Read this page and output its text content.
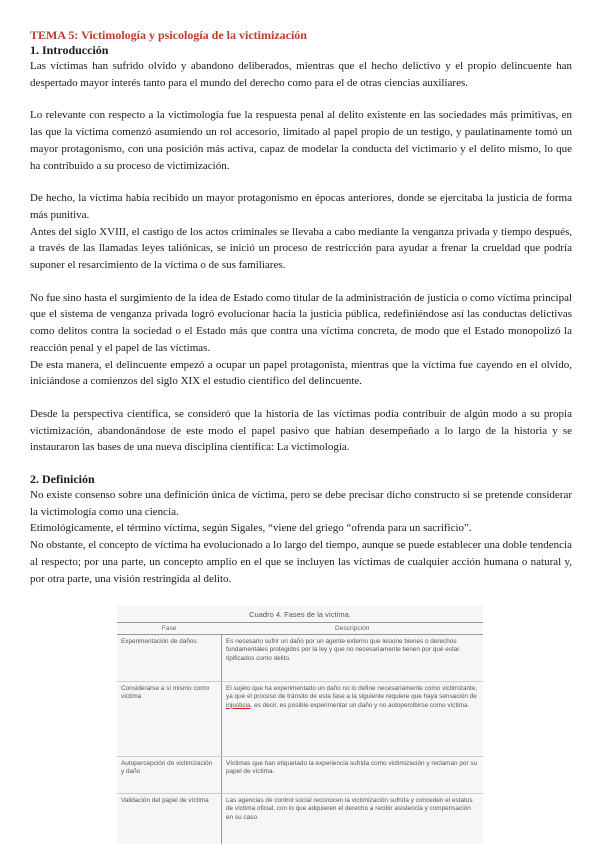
TEMA 5: Victimología y psicología de la victimización
1. Introducción

Las víctimas han sufrido olvido y abandono deliberados, mientras que el hecho delictivo y el propio delincuente han despertado mayor interés tanto para el mundo del derecho como para el de otras ciencias auxiliares.

Lo relevante con respecto a la victimología fue la respuesta penal al delito existente en las sociedades más primitivas, en las que la víctima comenzó asumiendo un rol accesorio, limitado al papel propio de un testigo, y paulatinamente tomó un mayor protagonismo, con una posición más activa, capaz de modelar la conducta del victimario y el delito mismo, lo que ha contribuido a su proceso de victimización.

De hecho, la víctima había recibido un mayor protagonismo en épocas anteriores, donde se ejercitaba la justicia de forma más punitiva.

Antes del siglo XVIII, el castigo de los actos criminales se llevaba a cabo mediante la venganza privada y tiempo después, a través de las llamadas leyes taliónicas, se inició un proceso de restricción para ayudar a frenar la crueldad que podría suponer el resarcimiento de la víctima o de sus familiares.

No fue sino hasta el surgimiento de la idea de Estado como titular de la administración de justicia o como víctima principal que el sistema de venganza privada logró evolucionar hacia la justicia pública, redefiniéndose así las conductas delictivas como delitos contra la sociedad o el Estado más que contra una víctima concreta, de modo que el Estado monopolizó la reacción penal y el papel de las víctimas.

De esta manera, el delincuente empezó a ocupar un papel protagonista, mientras que la víctima fue cayendo en el olvido, iniciándose a comienzos del siglo XIX el estudio científico del delincuente.

Desde la perspectiva científica, se consideró que la historia de las víctimas podía contribuir de algún modo a su propia victimización, abandonándose de este modo el papel pasivo que habían desempeñado a lo largo de la historia y se instauraron las bases de una nueva disciplina científica: La victimología.

2. Definición

No existe consenso sobre una definición única de víctima, pero se debe precisar dicho constructo si se pretende considerar la victimología como una ciencia.

Etimológicamente, el término víctima, según Sigales, “viene del griego “ofrenda para un sacrificio”.

No obstante, el concepto de víctima ha evolucionado a lo largo del tiempo, aunque se puede establecer una doble tendencia al respecto; por una parte, un concepto amplio en el que se incluyen las víctimas de cualquier acción humana o natural y, por otra parte, una visión restringida al delito.

Cuadro 4. Fases de la víctima.
Fase	Descripción
Experimentación de daños	Es necesario sufrir un daño por un agente externo que lesione bienes o derechos fundamentales protegidos por la ley y que no necesariamente tienen por qué estar tipificados como delito.
Considerarse a sí mismo como víctima	El sujeto que ha experimentado un daño no lo define necesariamente como victimizante, ya que el proceso de tránsito de esta fase a la siguiente requiere que haya sensación de injusticia, es decir, es posible experimentar un daño y no autopercibirse como víctima.
Autopercepción de victimización y daño	Víctimas que han etiquetado la experiencia sufrida como victimización y reclaman por su papel de víctima.
Validación del papel de víctima	Las agencias de control social reconocen la victimización sufrida y conceden el estatus de víctima oficial, con lo que adquieren el derecho a recibir asistencia y compensación en su caso.
